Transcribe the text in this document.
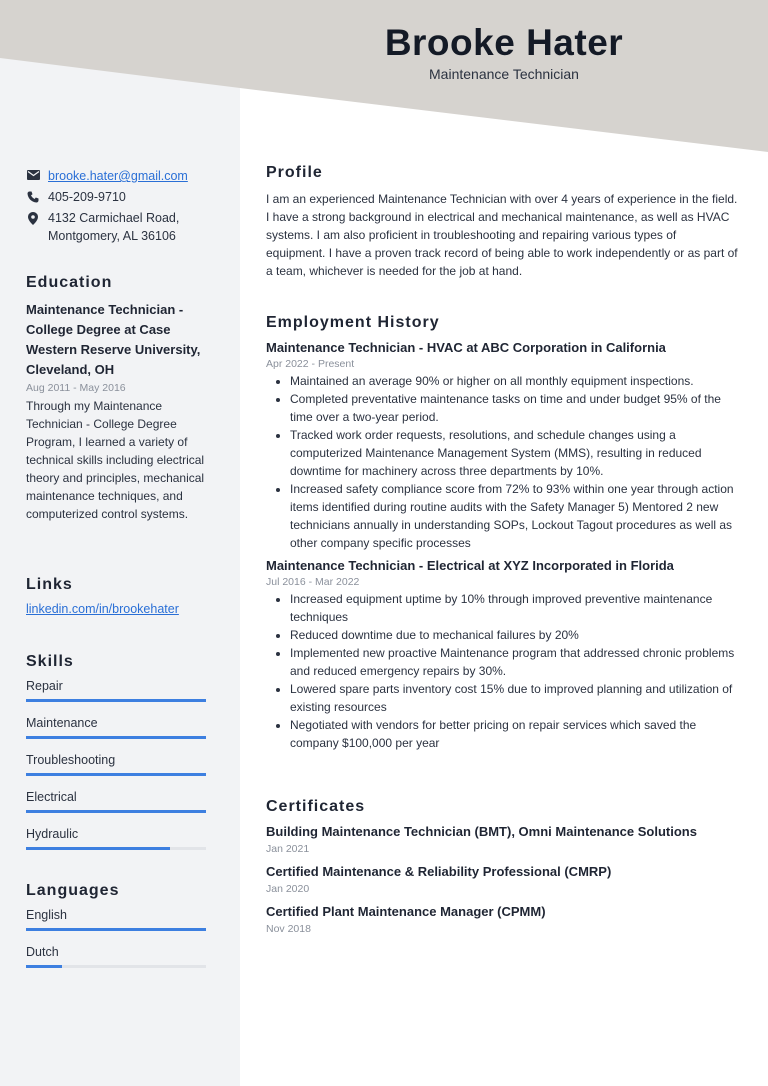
Brooke Hater
Maintenance Technician
brooke.hater@gmail.com
405-209-9710
4132 Carmichael Road,
Montgomery, AL 36106
Education
Maintenance Technician - College Degree at Case Western Reserve University, Cleveland, OH
Aug 2011 - May 2016
Through my Maintenance Technician - College Degree Program, I learned a variety of technical skills including electrical theory and principles, mechanical maintenance techniques, and computerized control systems.
Links
linkedin.com/in/brookehater
Skills
Repair
Maintenance
Troubleshooting
Electrical
Hydraulic
Languages
English
Dutch
Profile
I am an experienced Maintenance Technician with over 4 years of experience in the field. I have a strong background in electrical and mechanical maintenance, as well as HVAC systems. I am also proficient in troubleshooting and repairing various types of equipment. I have a proven track record of being able to work independently or as part of a team, whichever is needed for the job at hand.
Employment History
Maintenance Technician - HVAC at ABC Corporation in California
Apr 2022 - Present
• Maintained an average 90% or higher on all monthly equipment inspections.
• Completed preventative maintenance tasks on time and under budget 95% of the time over a two-year period.
• Tracked work order requests, resolutions, and schedule changes using a computerized Maintenance Management System (MMS), resulting in reduced downtime for machinery across three departments by 10%.
• Increased safety compliance score from 72% to 93% within one year through action items identified during routine audits with the Safety Manager 5) Mentored 2 new technicians annually in understanding SOPs, Lockout Tagout procedures as well as other company specific processes
Maintenance Technician - Electrical at XYZ Incorporated in Florida
Jul 2016 - Mar 2022
• Increased equipment uptime by 10% through improved preventive maintenance techniques
• Reduced downtime due to mechanical failures by 20%
• Implemented new proactive Maintenance program that addressed chronic problems and reduced emergency repairs by 30%.
• Lowered spare parts inventory cost 15% due to improved planning and utilization of existing resources
• Negotiated with vendors for better pricing on repair services which saved the company $100,000 per year
Certificates
Building Maintenance Technician (BMT), Omni Maintenance Solutions
Jan 2021
Certified Maintenance & Reliability Professional (CMRP)
Jan 2020
Certified Plant Maintenance Manager (CPMM)
Nov 2018
